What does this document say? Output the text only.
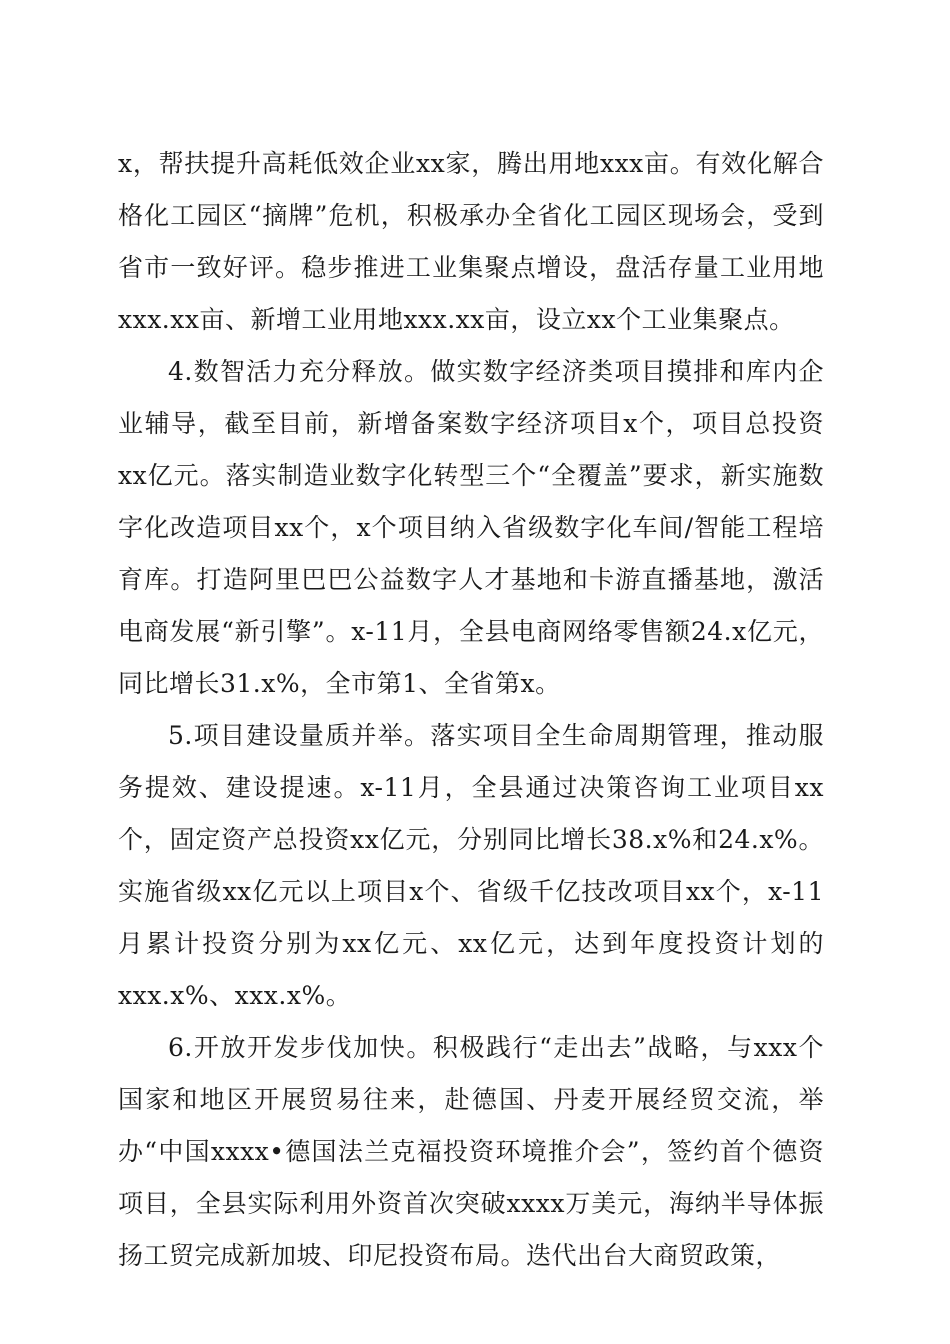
x，帮扶提升高耗低效企业xx家，腾出用地xxx亩。有效化解合格化工园区“摘牌”危机，积极承办全省化工园区现场会，受到省市一致好评。稳步推进工业集聚点增设，盘活存量工业用地xxx.xx亩、新增工业用地xxx.xx亩，设立xx个工业集聚点。

4.数智活力充分释放。做实数字经济类项目摸排和库内企业辅导，截至目前，新增备案数字经济项目x个，项目总投资xx亿元。落实制造业数字化转型三个“全覆盖”要求，新实施数字化改造项目xx个，x个项目纳入省级数字化车间/智能工程培育库。打造阿里巴巴公益数字人才基地和卡游直播基地，激活电商发展“新引擎”。x-11月，全县电商网络零售额24.x亿元，同比增长31.x%，全市第1、全省第x。

5.项目建设量质并举。落实项目全生命周期管理，推动服务提效、建设提速。x-11月，全县通过决策咨询工业项目xx个，固定资产总投资xx亿元，分别同比增长38.x%和24.x%。实施省级xx亿元以上项目x个、省级千亿技改项目xx个，x-11月累计投资分别为xx亿元、xx亿元，达到年度投资计划的xxx.x%、xxx.x%。

6.开放开发步伐加快。积极践行“走出去”战略，与xxx个国家和地区开展贸易往来，赴德国、丹麦开展经贸交流，举办“中国xxxx•德国法兰克福投资环境推介会”，签约首个德资项目，全县实际利用外资首次突破xxxx万美元，海纳半导体振扬工贸完成新加坡、印尼投资布局。迭代出台大商贸政策，
